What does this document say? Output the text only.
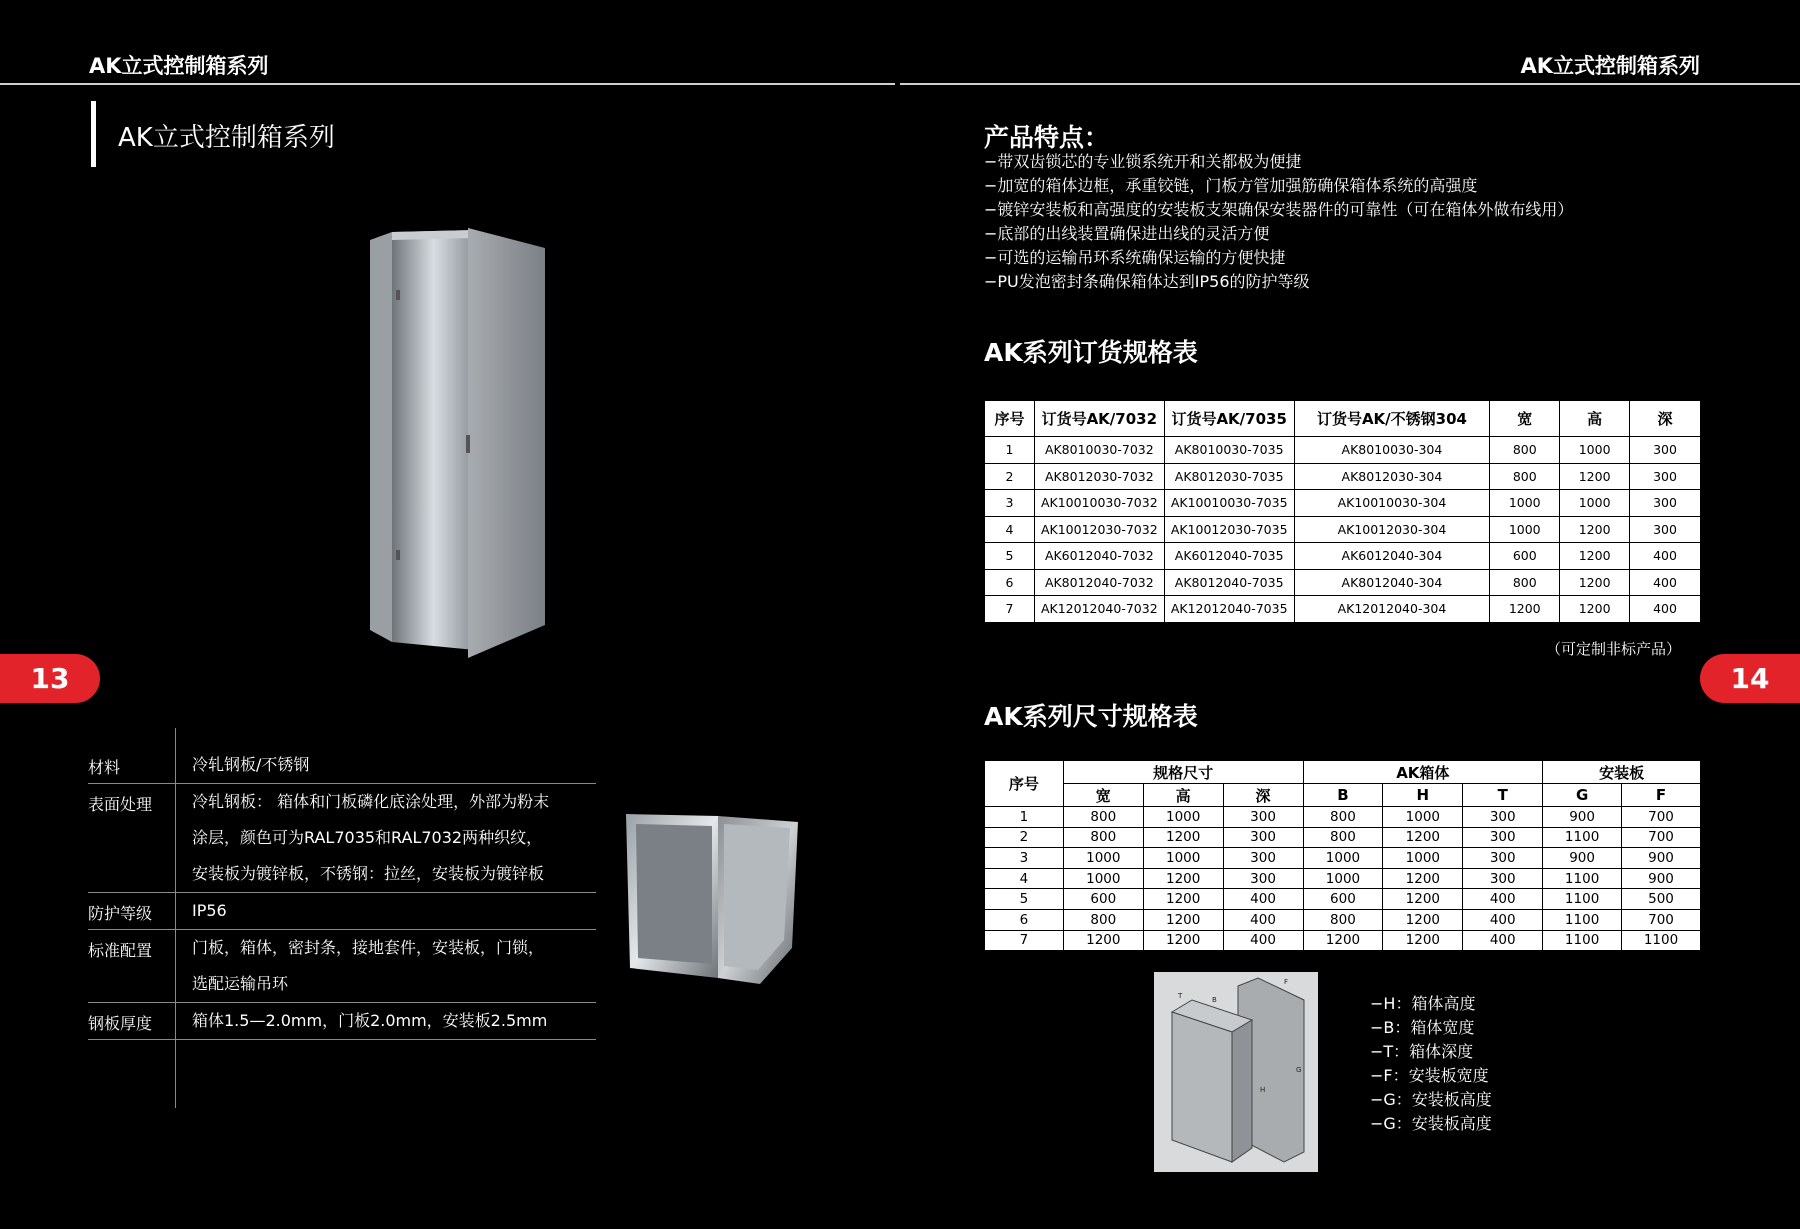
AK立式控制箱系列	AK立式控制箱系列
13	14
AK立式控制箱系列
材料	冷轧钢板/不锈钢
表面处理 冷轧钢板： 箱体和门板磷化底涂处理，外部为粉末
涂层，颜色可为RAL7035和RAL7032两种织纹，
安装板为镀锌板，不锈钢：拉丝，安装板为镀锌板
防护等级 IP56
标准配置 门板，箱体，密封条，接地套件，安装板，门锁，
选配运输吊环
钢板厚度 箱体1.5—2.0mm，门板2.0mm，安装板2.5mm
产品特点：
−带双齿锁芯的专业锁系统开和关都极为便捷
−加宽的箱体边框，承重铰链，门板方管加强筋确保箱体系统的高强度
−镀锌安装板和高强度的安装板支架确保安装器件的可靠性（可在箱体外做布线用）
−底部的出线装置确保进出线的灵活方便
−可选的运输吊环系统确保运输的方便快捷
−PU发泡密封条确保箱体达到IP56的防护等级
AK系列订货规格表
序号	订货号AK/7032	订货号AK/7035	订货号AK/不锈钢304	宽	高	深
1	AK8010030-7032	AK8010030-7035	AK8010030-304	800	1000	300
2	AK8012030-7032	AK8012030-7035	AK8012030-304	800	1200	300
3	AK10010030-7032	AK10010030-7035	AK10010030-304	1000	1000	300
4	AK10012030-7032	AK10012030-7035	AK10012030-304	1000	1200	300
5	AK6012040-7032	AK6012040-7035	AK6012040-304	600	1200	400
6	AK8012040-7032	AK8012040-7035	AK8012040-304	800	1200	400
7	AK12012040-7032	AK12012040-7035	AK12012040-304	1200	1200	400
（可定制非标产品）
AK系列尺寸规格表
序号	规格尺寸			AK箱体			安装板	
	宽	高	深	B	H	T	G	F
1	800	1000	300	800	1000	300	900	700
2	800	1200	300	800	1200	300	1100	700
3	1000	1000	300	1000	1000	300	900	900
4	1000	1200	300	1000	1200	300	1100	900
5	600	1200	400	600	1200	400	1100	500
6	800	1200	400	800	1200	400	1100	700
7	1200	1200	400	1200	1200	400	1100	1100
T	B
F
H
G
−H：箱体高度
−B：箱体宽度
−T：箱体深度
−F：安装板宽度
−G：安装板高度
−G：安装板高度
